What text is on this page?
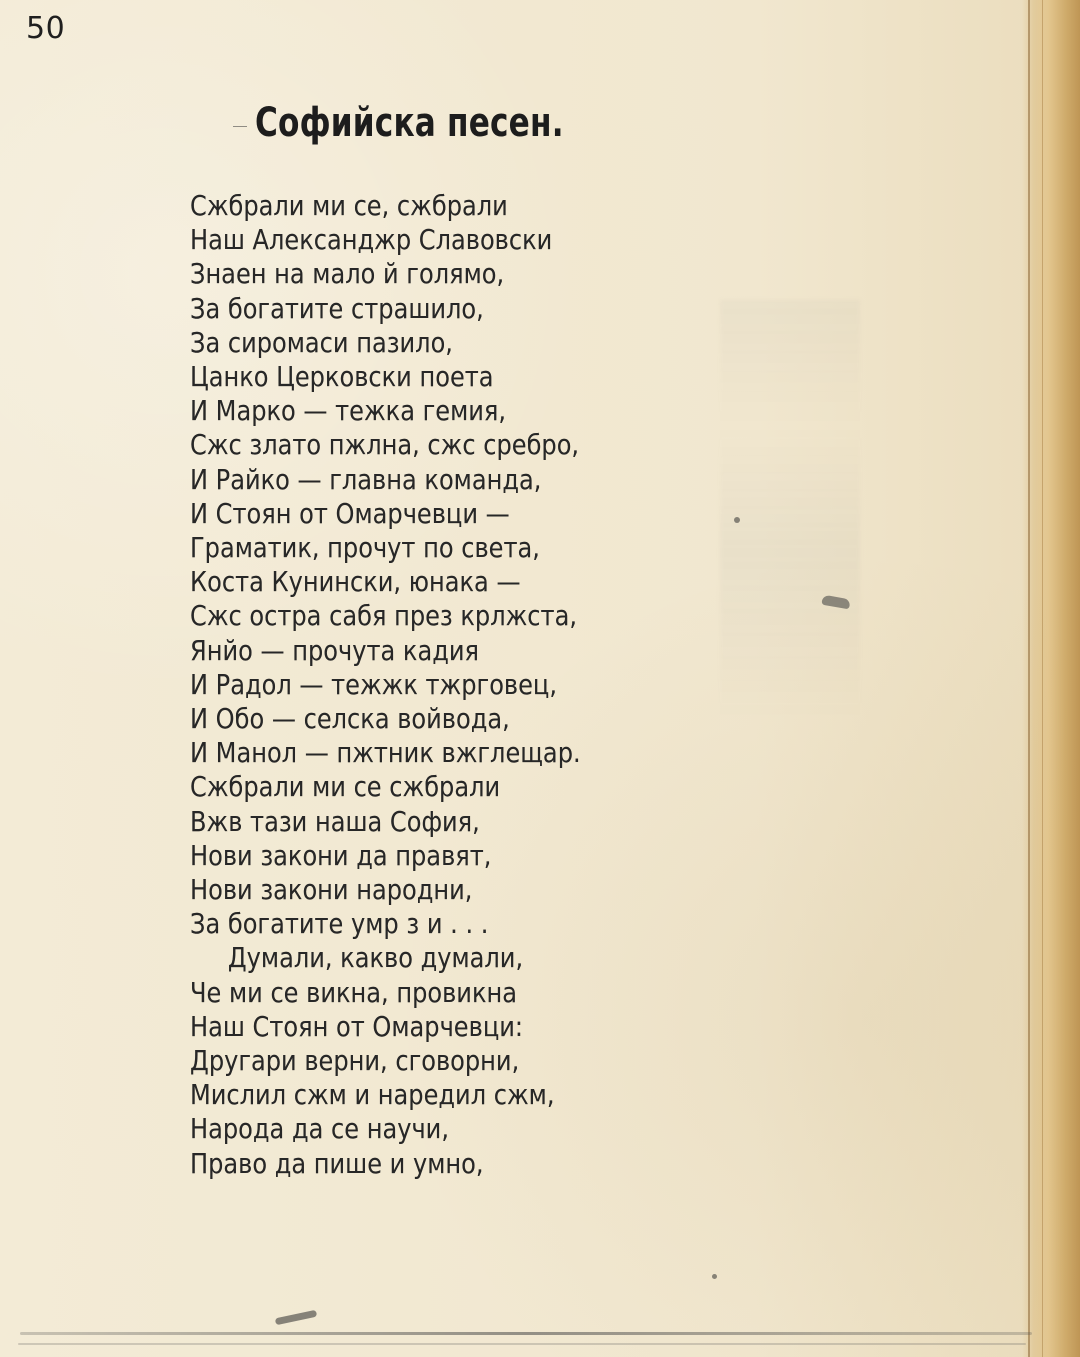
50
Софийска песен.
Сжбрали ми се, сжбрали
Наш Александжр Славовски
Знаен на мало й голямо,
За богатите страшило,
За сиромаси пазило,
Цанко Церковски поета
И Марко — тежка гемия,
Сжс злато пжлна, сжс сребро,
И Райко — главна команда,
И Стоян от Омарчевци —
Граматик, прочут по света,
Коста Кунински, юнака —
Сжс остра сабя през крлжста,
Янйо — прочута кадия
И Радол — тежжк тжрговец,
И Обо — селска войвода,
И Манол — пжтник вжглещар.
Сжбрали ми се сжбрали
Вжв тази наша София,
Нови закони да правят,
Нови закони народни,
За богатите умр з и . . .
Думали, какво думали,
Че ми се викна, провикна
Наш Стоян от Омарчевци:
Другари верни, сговорни,
Мислил сжм и наредил сжм,
Народа да се научи,
Право да пише и умно,
